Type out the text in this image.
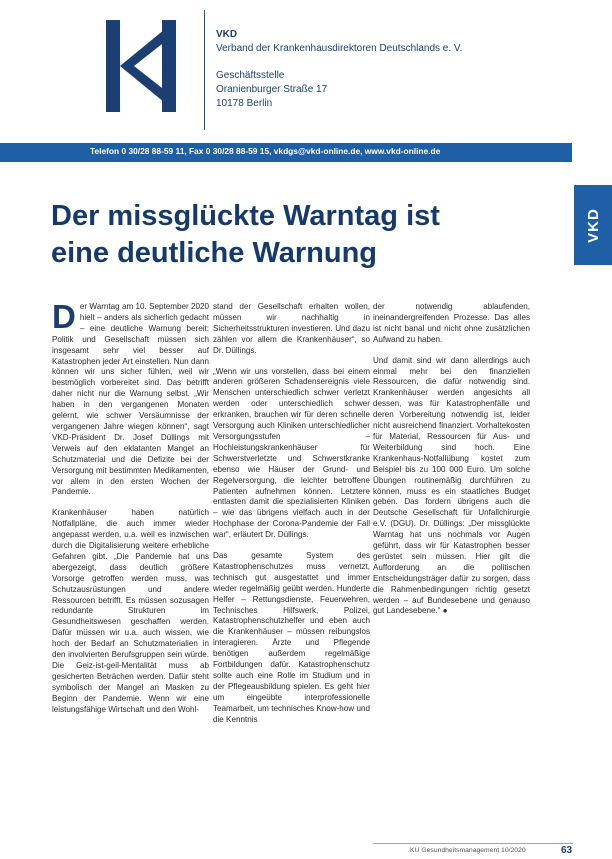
VKD
Verband der Krankenhausdirektoren Deutschlands e. V.
Geschäftsstelle
Oranienburger Straße 17
10178 Berlin
Telefon 0 30/28 88-59 11, Fax 0 30/28 88-59 15, vkdgs@vkd-online.de, www.vkd-online.de
VKD
Der missglückte Warntag ist
eine deutliche Warnung

Der Warntag am 10. September 2020 hielt – anders als sicherlich gedacht – eine deutliche Warnung bereit: Politik und Gesellschaft müssen sich insgesamt sehr viel besser auf Katastrophen jeder Art einstellen. Nun dann können wir uns sicher fühlen, weil wir bestmöglich vorbereitet sind. Das betrifft daher nicht nur die Warnung selbst. „Wir haben in den vergangenen Monaten gelernt, wie schwer Versäumnisse der vergangenen Jahre wiegen können“, sagt VKD-Präsident Dr. Josef Düllings mit Verweis auf den eklatanten Mangel an Schutzmaterial und die Defizite bei der Versorgung mit bestimmten Medikamenten, vor allem in den ersten Wochen der Pandemie.

Krankenhäuser haben natürlich Notfallpläne, die auch immer wieder angepasst werden, u.a. weil es inzwischen durch die Digitalisierung weitere erhebliche Gefahren gibt. „Die Pandemie hat uns abergezeigt, dass deutlich größere Vorsorge getroffen werden muss, was Schutzausrüstungen und andere Ressourcen betrifft. Es müssen sozusagen redundante Strukturen im Gesundheitswesen geschaffen werden. Dafür müssen wir u.a. auch wissen, wie hoch der Bedarf an Schutzmaterialien in den involvierten Berufsgruppen sein würde. Die Geiz-ist-geil-Mentalität muss ab gesicherten Beträchen werden. Dafür steht symbolisch der Mangel an Masken zu Beginn der Pandemie. Wenn wir eine leistungsfähige Wirtschaft und den Wohl-

stand der Gesellschaft erhalten wollen, müssen wir nachhaltig in Sicherheitsstrukturen investieren. Und dazu zählen vor allem die Krankenhäuser“, so Dr. Düllings.

„Wenn wir uns vorstellen, dass bei einem anderen größeren Schadensereignis viele Menschen unterschiedlich schwer verletzt werden oder unterschiedlich schwer erkranken, brauchen wir für deren schnelle Versorgung auch Kliniken unterschiedlicher Versorgungsstufen – Hochleistungskrankenhäuser für Schwerstverletzte und Schwerstkranke ebenso wie Häuser der Grund- und Regelversorgung, die leichter betroffene Patienten aufnehmen können. Letztere entlasten damit die spezialisierten Kliniken – wie das übrigens vielfach auch in der Hochphase der Corona-Pandemie der Fall war“, erläutert Dr. Düllings.

Das gesamte System des Katastrophenschutzes muss vernetzt, technisch gut ausgestattet und immer wieder regelmäßig geübt werden. Hunderte Helfer – Rettungsdienste, Feuerwehren, Technisches Hilfswerk, Polizei, Katastrophenschutzhelfer und eben auch die Krankenhäuser – müssen reibungslos interagieren. Ärzte und Pflegende benötigen außerdem regelmäßige Fortbildungen dafür. Katastrophenschutz sollte auch eine Rolle im Studium und in der Pflegeausbildung spielen. Es geht hier um eingeübte interprofessionelle Teamarbeit, um technisches Know-how und die Kenntnis

der notwendig ablaufenden, ineinandergreifenden Prozesse. Das alles ist nicht banal und nicht ohne zusätzlichen Aufwand zu haben.

Und damit sind wir dann allerdings auch einmal mehr bei den finanziellen Ressourcen, die dafür notwendig sind. Krankenhäuser werden angesichts all dessen, was für Katastrophenfälle und deren Vorbereitung notwendig ist, leider nicht ausreichend finanziert. Vorhaltekosten für Material, Ressourcen für Aus- und Weiterbildung sind hoch. Eine Krankenhaus-Notfallübung kostet zum Beispiel bis zu 100 000 Euro. Um solche Übungen routinemäßig durchführen zu können, muss es ein staatliches Budget geben. Das fordern übrigens auch die Deutsche Gesellschaft für Unfallchirurgie e.V. (DGU). Dr. Düllings: „Der missglückte Warntag hat uns nochmals vor Augen geführt, dass wir für Katastrophen besser gerüstet sein müssen. Hier gilt die Aufforderung an die politischen Entscheidungsträger dafür zu sorgen, dass die Rahmenbedingungen richtig gesetzt werden – auf Bundesebene und genauso gut Landesebene.“ ●

KU Gesundheitsmanagement 10/2020	63
